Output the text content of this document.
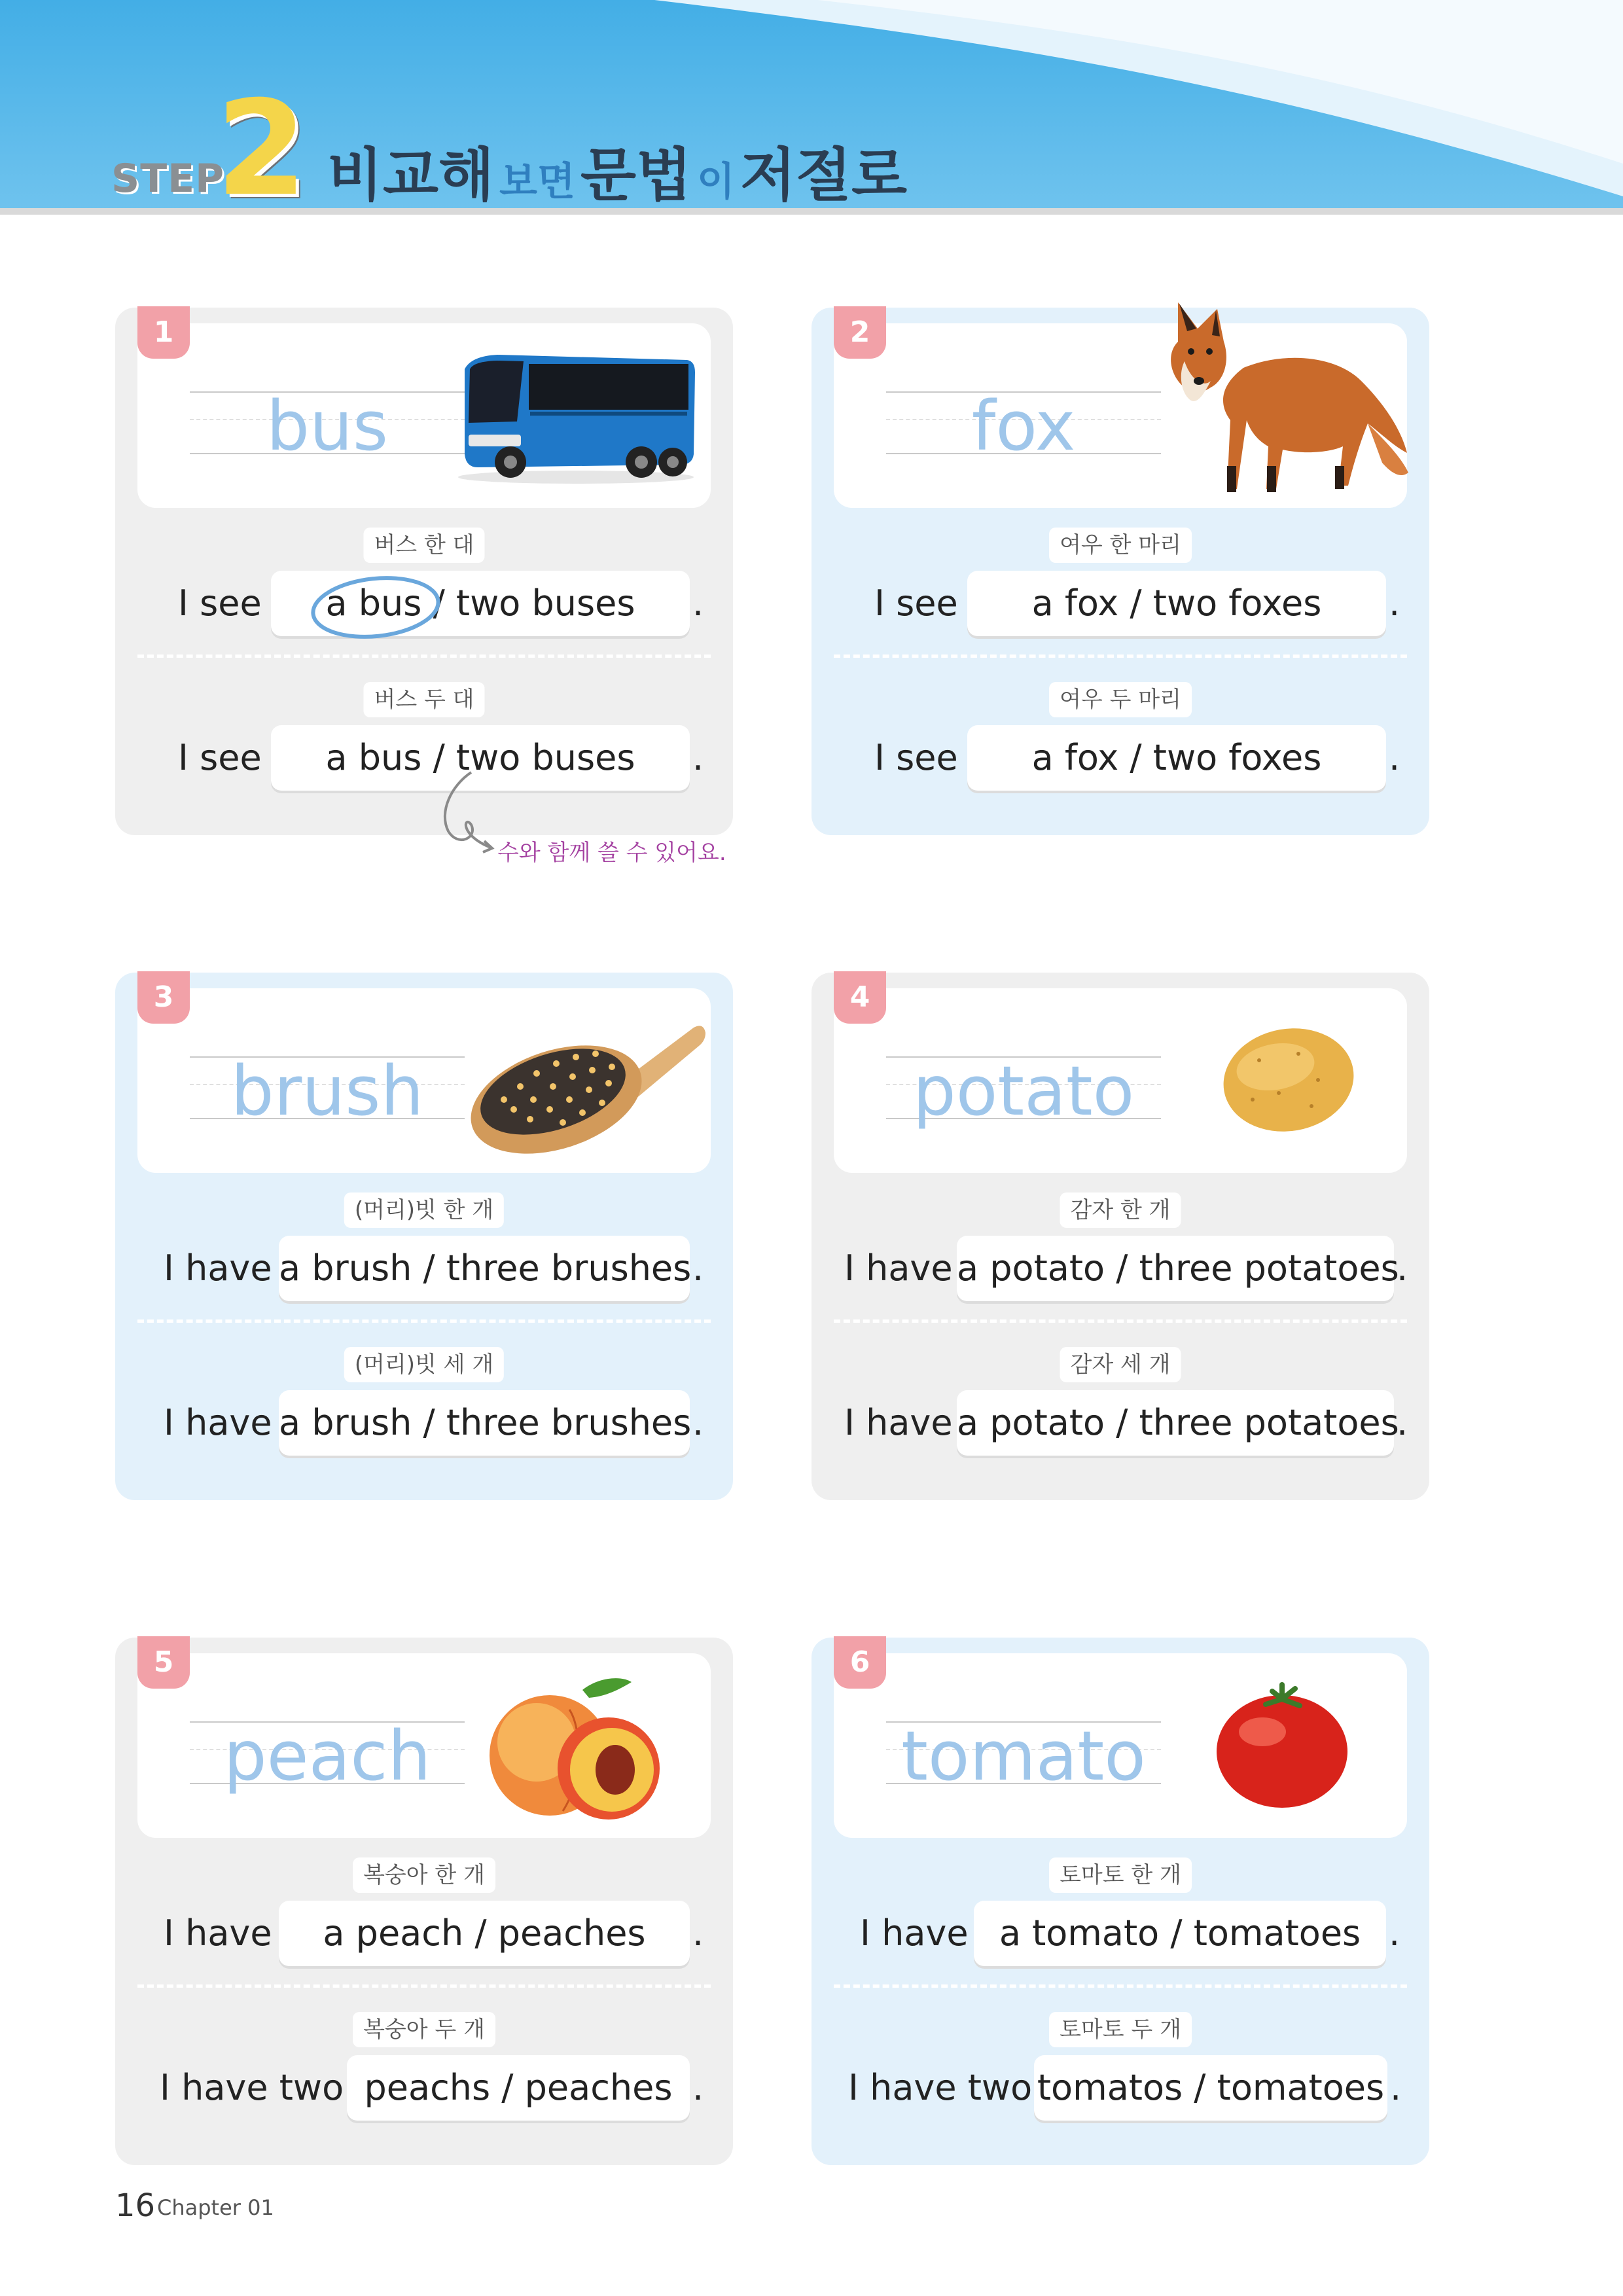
STEP
2 비교해 보면 문법 이 저절로
bus
1
버스 한 대
I see	a bus / two buses	.
버스 두 대
I see	a bus / two buses	.
수와 함께 쓸 수 있어요.
fox
2
여우 한 마리
I see	a fox / two foxes	.
여우 두 마리
I see	a fox / two foxes	.
brush
3
(머리)빗 한 개
I have a brush / three brushes .
(머리)빗 세 개
I have a brush / three brushes .
potato
4
감자 한 개
I have a potato / three potatoes
.
감자 세 개
I have a potato / three potatoes
.
peach
5
복숭아 한 개
I have	a peach / peaches	.
복숭아 두 개
I have two peachs / peaches .
tomato
6
토마토 한 개
I have a tomato / tomatoes .
토마토 두 개
I have two tomatos / tomatoes .
16 Chapter 01
